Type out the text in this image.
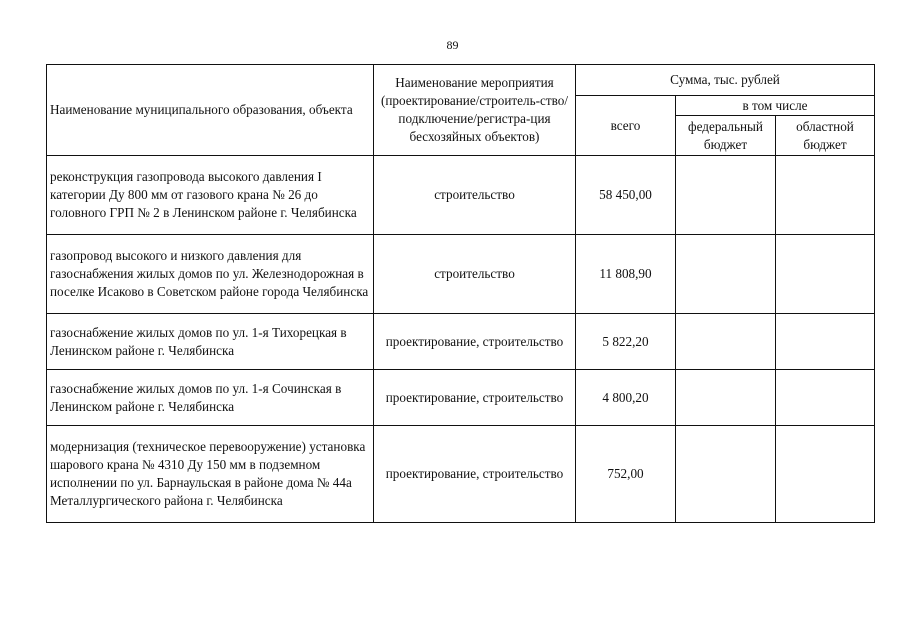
89
Наименование муниципального образования, объекта	Наименование мероприятия (проектирование/строитель-ство/подключение/регистра-ция бесхозяйных объектов)	Сумма, тыс. рублей		
		всего	в том числе	
			федеральный бюджет	областной бюджет
реконструкция газопровода высокого давления I категории Ду 800 мм от газового крана № 26 до головного ГРП № 2 в Ленинском районе г. Челябинска	строительство	58 450,00		
газопровод высокого и низкого давления для газоснабжения жилых домов по ул. Железнодорожная в поселке Исаково в Советском районе города Челябинска	строительство	11 808,90		
газоснабжение жилых домов по ул. 1-я Тихорецкая в Ленинском районе г. Челябинска	проектирование, строительство	5 822,20		
газоснабжение жилых домов по ул. 1-я Сочинская в Ленинском районе г. Челябинска	проектирование, строительство	4 800,20		
модернизация (техническое перевооружение) установка шарового крана № 4310 Ду 150 мм в подземном исполнении по ул. Барнаульская в районе дома № 44а Металлургического района г. Челябинска	проектирование, строительство	752,00		
